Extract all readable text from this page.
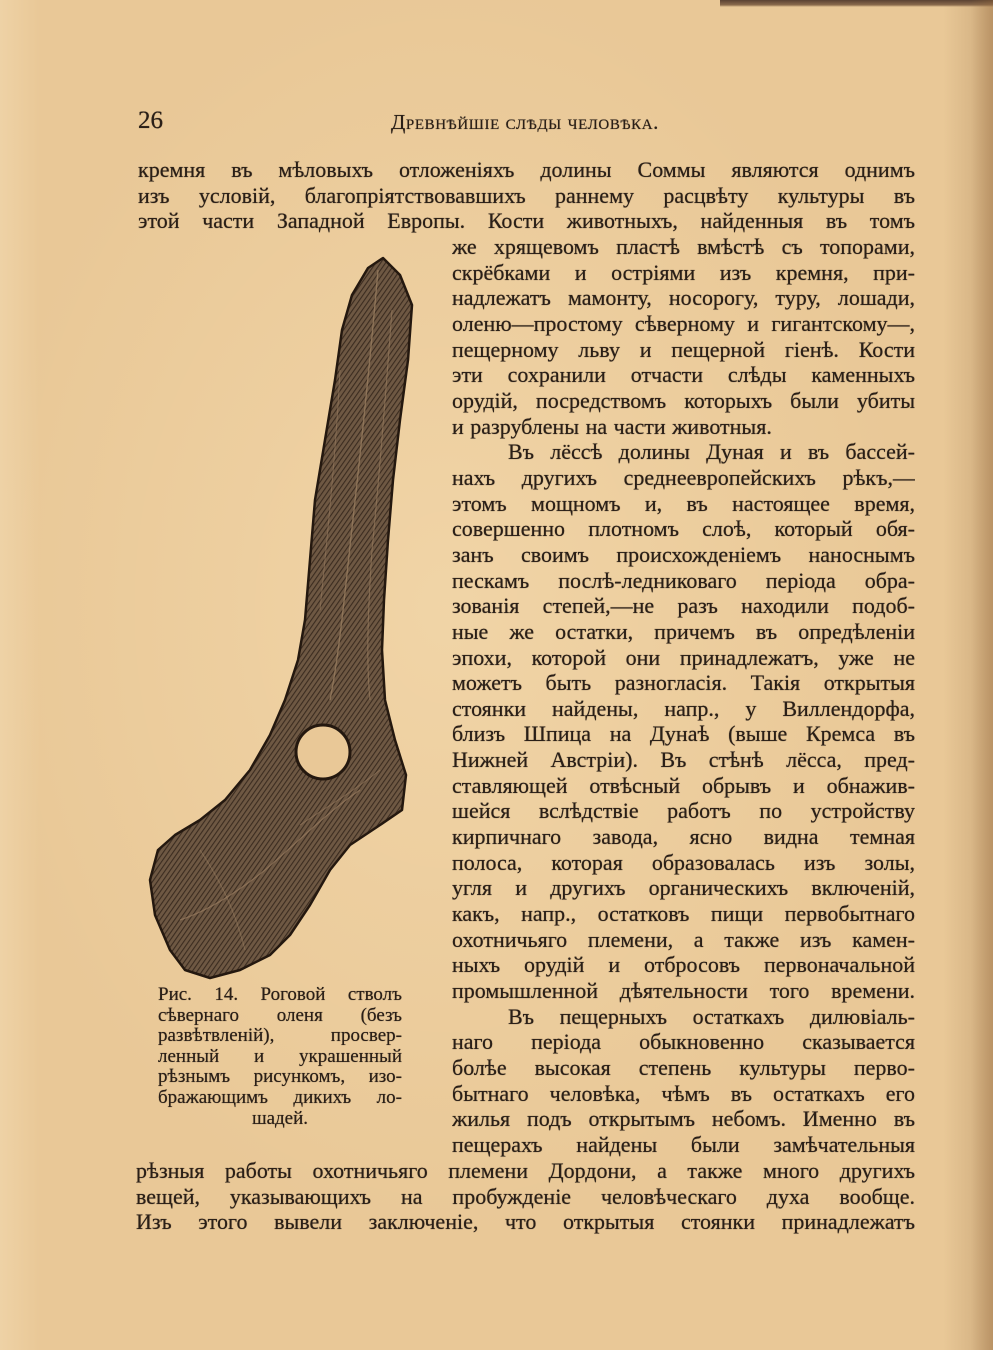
26	Древнѣйшіе слѣды человѣка.
кремня въ мѣловыхъ отложеніяхъ долины Соммы являются однимъ
изъ условій, благопріятствовавшихъ раннему расцвѣту культуры въ
этой части Западной Европы. Кости животныхъ, найденныя въ томъ
же хрящевомъ пластѣ вмѣстѣ съ топорами,
скрёбками и остріями изъ кремня, при-
надлежатъ мамонту, носорогу, туру, лошади,
оленю—простому сѣверному и гигантскому—,
пещерному льву и пещерной гіенѣ. Кости
эти сохранили отчасти слѣды каменныхъ
орудій, посредствомъ которыхъ были убиты
и разрублены на части животныя.
Въ лёссѣ долины Дуная и въ бассей-
нахъ другихъ среднеевропейскихъ рѣкъ,—
этомъ мощномъ и, въ настоящее время,
совершенно плотномъ слоѣ, который обя-
занъ своимъ происхожденіемъ наноснымъ
пескамъ послѣ-ледниковаго періода обра-
зованія степей,—не разъ находили подоб-
ные же остатки, причемъ въ опредѣленіи
эпохи, которой они принадлежатъ, уже не
можетъ быть разногласія. Такія открытыя
стоянки найдены, напр., у Виллендорфа,
близъ Шпица на Дунаѣ (выше Кремса въ
Нижней Австріи). Въ стѣнѣ лёсса, пред-
ставляющей отвѣсный обрывъ и обнажив-
шейся вслѣдствіе работъ по устройству
кирпичнаго завода, ясно видна темная
полоса, которая образовалась изъ золы,
угля и другихъ органическихъ включеній,
какъ, напр., остатковъ пищи первобытнаго
охотничьяго племени, а также изъ камен-
ныхъ орудій и отбросовъ первоначальной
промышленной дѣятельности того времени.
Въ пещерныхъ остаткахъ дилювіаль-
наго періода обыкновенно сказывается
болѣе высокая степень культуры перво-
бытнаго человѣка, чѣмъ въ остаткахъ его
жилья подъ открытымъ небомъ. Именно въ
пещерахъ найдены были замѣчательныя
рѣзныя работы охотничьяго племени Дордони, а также много другихъ
вещей, указывающихъ на пробужденіе человѣческаго духа вообще.
Изъ этого вывели заключеніе, что открытыя стоянки принадлежатъ
Рис. 14. Роговой стволъ
сѣвернаго оленя (безъ
развѣтвленій), просвер-
ленный и украшенный
рѣзнымъ рисункомъ, изо-
бражающимъ дикихъ ло-
шадей.
